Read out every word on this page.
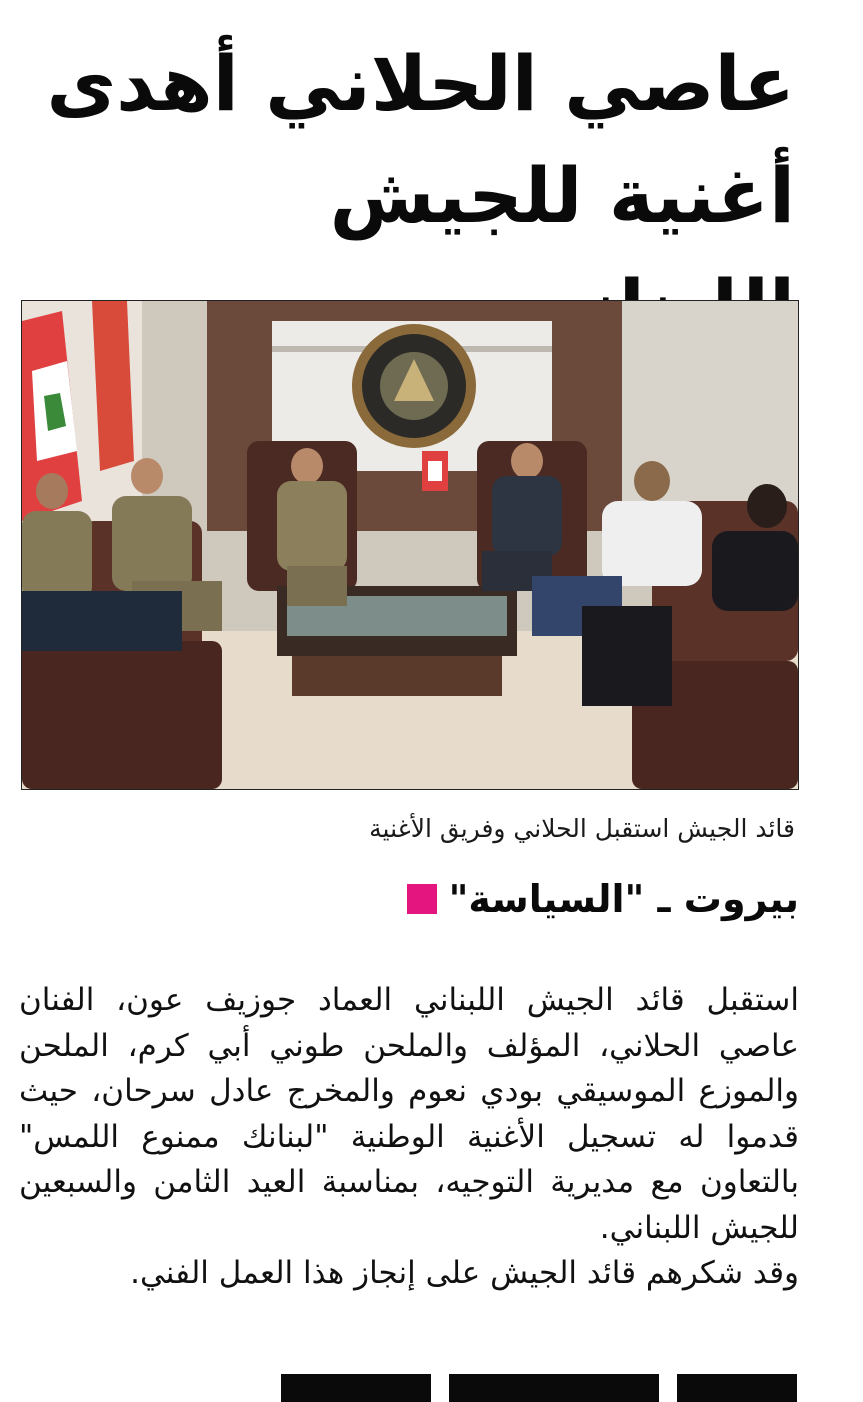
عاصي الحلاني أهدى أغنية للجيش
قائد الجيش استقبل الحلاني وفريق الأغنية
بيروت ـ "السياسة"

استقبل قائد الجيش اللبناني العماد جوزيف عون، الفنان عاصي الحلاني، المؤلف والملحن طوني أبي كرم، الملحن والموزع الموسيقي بودي نعوم والمخرج عادل سرحان، حيث قدموا له تسجيل الأغنية الوطنية "لبنانك ممنوع اللمس" بالتعاون مع مديرية التوجيه، بمناسبة العيد الثامن والسبعين للجيش اللبناني.

وقد شكرهم قائد الجيش على إنجاز هذا العمل الفني.
